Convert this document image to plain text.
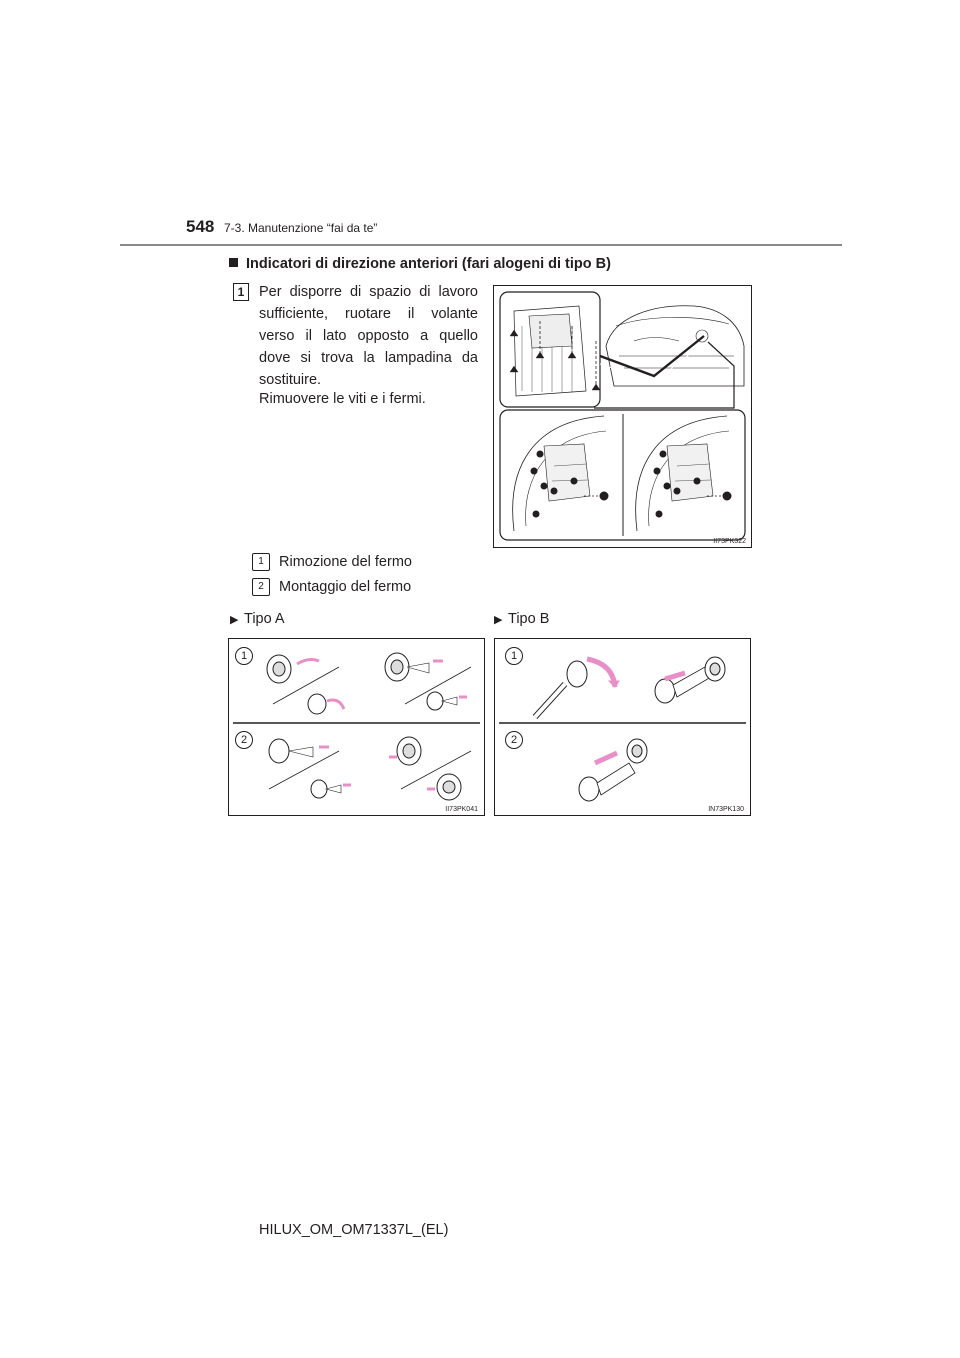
548 7-3. Manutenzione “fai da te”
Indicatori di direzione anteriori (fari alogeni di tipo B)
1	Per disporre di spazio di lavoro sufficiente, ruotare il volante verso il lato opposto a quello dove si trova la lampadina da sostituire.
Rimuovere le viti e i fermi.
II73PK322
1	Rimozione del fermo
2	Montaggio del fermo
▶ Tipo A	▶ Tipo B
1
2
II73PK041
1
2
IN73PK130
HILUX_OM_OM71337L_(EL)
